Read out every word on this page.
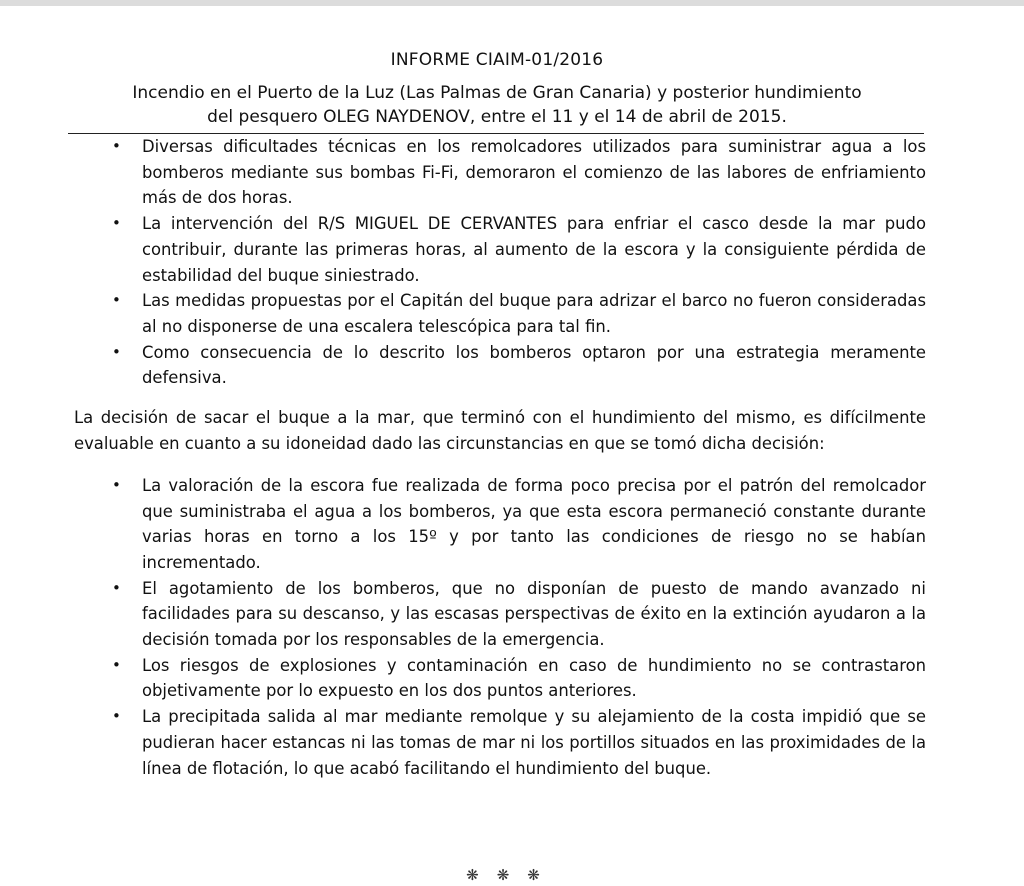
INFORME CIAIM-01/2016
Incendio en el Puerto de la Luz (Las Palmas de Gran Canaria) y posterior hundimiento
del pesquero OLEG NAYDENOV, entre el 11 y el 14 de abril de 2015.
• Diversas dificultades técnicas en los remolcadores utilizados para suministrar agua a los bomberos mediante sus bombas Fi-Fi, demoraron el comienzo de las labores de enfriamiento más de dos horas.
• La intervención del R/S MIGUEL DE CERVANTES para enfriar el casco desde la mar pudo contribuir, durante las primeras horas, al aumento de la escora y la consiguiente pérdida de estabilidad del buque siniestrado.
• Las medidas propuestas por el Capitán del buque para adrizar el barco no fueron consideradas al no disponerse de una escalera telescópica para tal fin.
• Como consecuencia de lo descrito los bomberos optaron por una estrategia meramente defensiva.

La decisión de sacar el buque a la mar, que terminó con el hundimiento del mismo, es difícilmente evaluable en cuanto a su idoneidad dado las circunstancias en que se tomó dicha decisión:

• La valoración de la escora fue realizada de forma poco precisa por el patrón del remolcador que suministraba el agua a los bomberos, ya que esta escora permaneció constante durante varias horas en torno a los 15º y por tanto las condiciones de riesgo no se habían incrementado.
• El agotamiento de los bomberos, que no disponían de puesto de mando avanzado ni facilidades para su descanso, y las escasas perspectivas de éxito en la extinción ayudaron a la decisión tomada por los responsables de la emergencia.
• Los riesgos de explosiones y contaminación en caso de hundimiento no se contrastaron objetivamente por lo expuesto en los dos puntos anteriores.
• La precipitada salida al mar mediante remolque y su alejamiento de la costa impidió que se pudieran hacer estancas ni las tomas de mar ni los portillos situados en las proximidades de la línea de flotación, lo que acabó facilitando el hundimiento del buque.
❋❋❋
